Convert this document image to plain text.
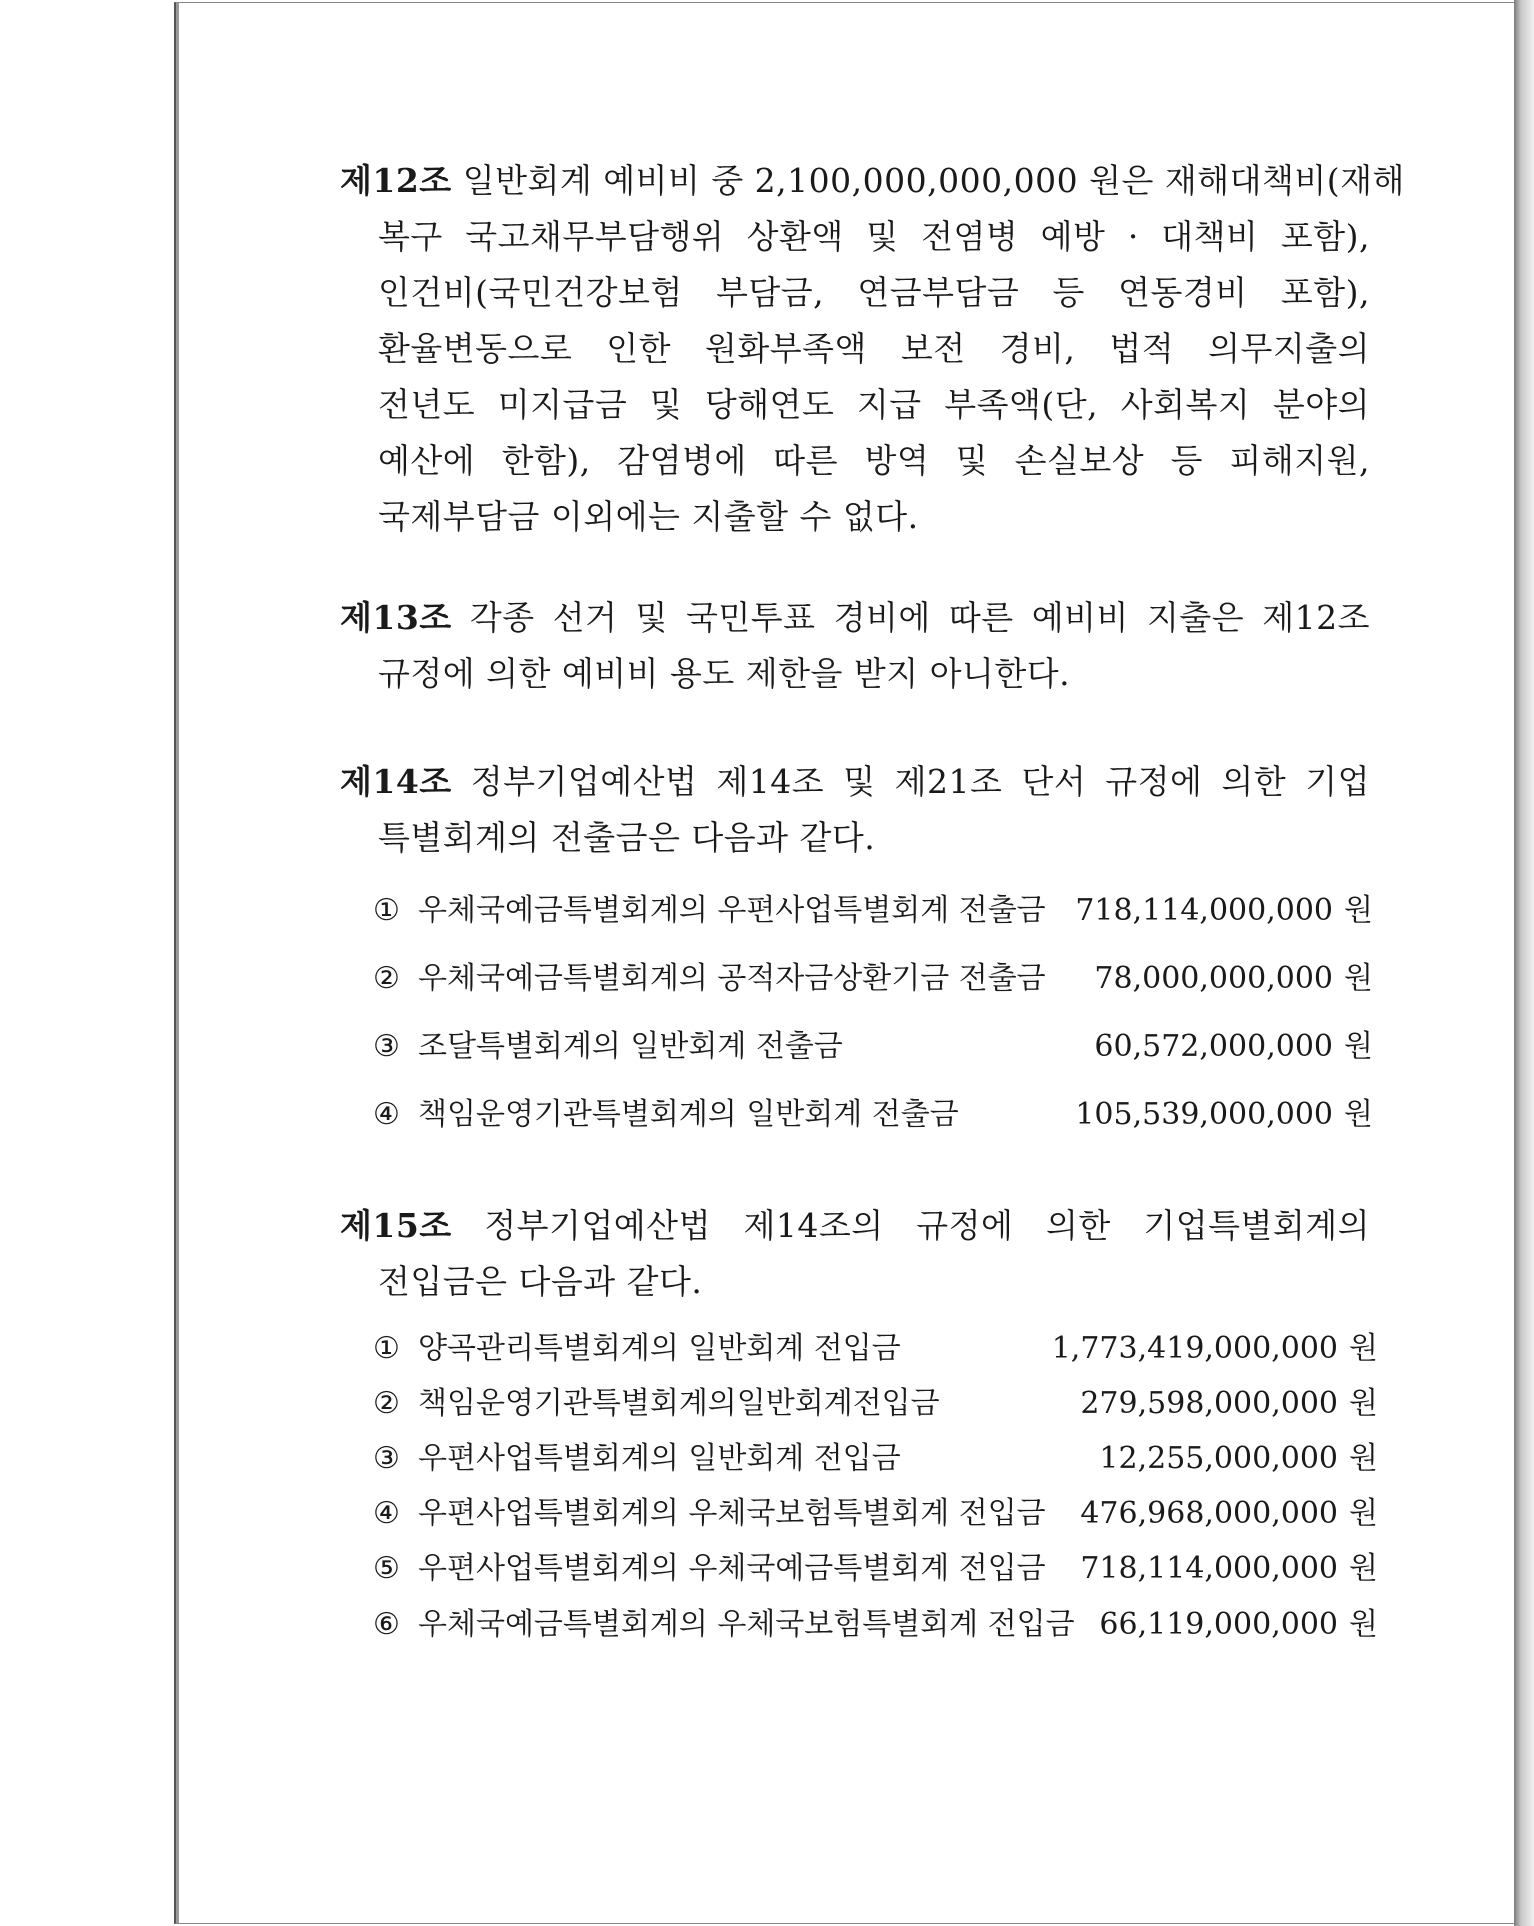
제12조 일반회계 예비비 중 2,100,000,000,000 원은 재해대책비(재해
복구 국고채무부담행위 상환액 및 전염병 예방 · 대책비 포함),
인건비(국민건강보험 부담금, 연금부담금 등 연동경비 포함),
환율변동으로 인한 원화부족액 보전 경비, 법적 의무지출의
전년도 미지급금 및 당해연도 지급 부족액(단, 사회복지 분야의
예산에 한함), 감염병에 따른 방역 및 손실보상 등 피해지원,
국제부담금 이외에는 지출할 수 없다.
제13조 각종 선거 및 국민투표 경비에 따른 예비비 지출은 제12조
규정에 의한 예비비 용도 제한을 받지 아니한다.
제14조 정부기업예산법 제14조 및 제21조 단서 규정에 의한 기업
특별회계의 전출금은 다음과 같다.
① 우체국예금특별회계의 우편사업특별회계 전출금 718,114,000,000 원
② 우체국예금특별회계의 공적자금상환기금 전출금 78,000,000,000 원
③ 조달특별회계의 일반회계 전출금	60,572,000,000 원
④ 책임운영기관특별회계의 일반회계 전출금	105,539,000,000 원
제15조 정부기업예산법 제14조의 규정에 의한 기업특별회계의
전입금은 다음과 같다.
① 양곡관리특별회계의 일반회계 전입금	1,773,419,000,000 원
② 책임운영기관특별회계의일반회계전입금	279,598,000,000 원
③ 우편사업특별회계의 일반회계 전입금	12,255,000,000 원
④ 우편사업특별회계의 우체국보험특별회계 전입금 476,968,000,000 원
⑤ 우편사업특별회계의 우체국예금특별회계 전입금 718,114,000,000 원
⑥ 우체국예금특별회계의 우체국보험특별회계 전입금 66,119,000,000 원
